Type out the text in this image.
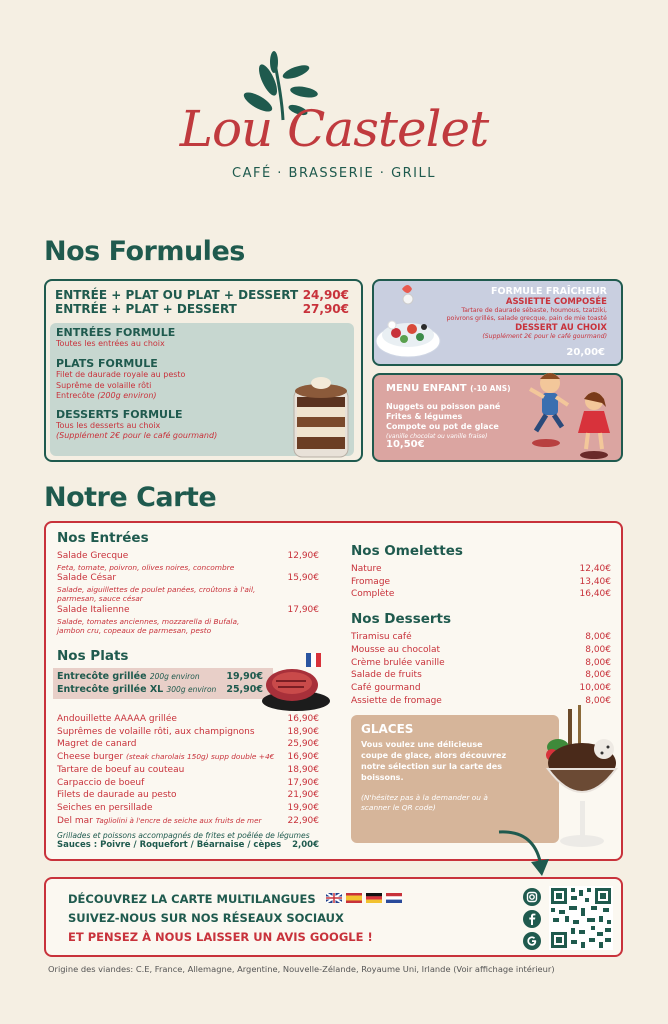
Lou Castelet
CAFÉ · BRASSERIE · GRILL
Nos Formules
ENTRÉE + PLAT OU PLAT + DESSERT 24,90€
ENTRÉE + PLAT + DESSERT	27,90€
ENTRÉES FORMULE
Toutes les entrées au choix
PLATS FORMULE
Filet de daurade royale au pesto
Suprême de volaille rôti
Entrecôte (200g environ)
DESSERTS FORMULE
Tous les desserts au choix
(Supplément 2€ pour le café gourmand)
FORMULE FRAÎCHEUR
ASSIETTE COMPOSÉE
Tartare de daurade sébaste, houmous, tzatziki, poivrons grillés, salade grecque, pain de mie toasté
DESSERT AU CHOIX
(Supplément 2€ pour le café gourmand)
20,00€
MENU ENFANT (-10 ANS)
Nuggets ou poisson pané
Frites & légumes
Compote ou pot de glace
(vanille chocolat ou vanille fraise)
10,50€
Notre Carte
Nos Entrées
Salade Grecque	12,90€
Feta, tomate, poivron, olives noires, concombre
Salade César	15,90€
Salade, aiguillettes de poulet panées, croûtons à l'ail, parmesan, sauce césar
Salade Italienne	17,90€
Salade, tomates anciennes, mozzarella di Bufala, jambon cru, copeaux de parmesan, pesto
Nos Plats
Entrecôte grillée 200g environ	19,90€
Entrecôte grillée XL 300g environ 25,90€
Andouillette AAAAA grillée	16,90€
Suprêmes de volaille rôti, aux champignons	18,90€
Magret de canard	25,90€
Cheese burger (steak charolais 150g) supp double +4€ 16,90€
Tartare de boeuf au couteau	18,90€
Carpaccio de boeuf	17,90€
Filets de daurade au pesto	21,90€
Seiches en persillade	19,90€
Del mar Tagliolini à l'encre de seiche aux fruits de mer	22,90€
Grillades et poissons accompagnés de frites et poêlée de légumes
Sauces : Poivre / Roquefort / Béarnaise / cèpes 2,00€
Nos Omelettes
Nature	12,40€
Fromage	13,40€
Complète	16,40€
Nos Desserts
Tiramisu café	8,00€
Mousse au chocolat	8,00€
Crème brulée vanille	8,00€
Salade de fruits	8,00€
Café gourmand	10,00€
Assiette de fromage	8,00€
GLACES
Vous voulez une délicieuse coupe de glace, alors découvrez notre sélection sur la carte des boissons.
(N'hésitez pas à la demander ou à scanner le QR code)
DÉCOUVREZ LA CARTE MULTILANGUES
SUIVEZ-NOUS SUR NOS RÉSEAUX SOCIAUX
ET PENSEZ À NOUS LAISSER UN AVIS GOOGLE !
Origine des viandes: C.E, France, Allemagne, Argentine, Nouvelle-Zélande, Royaume Uni, Irlande (Voir affichage intérieur)
